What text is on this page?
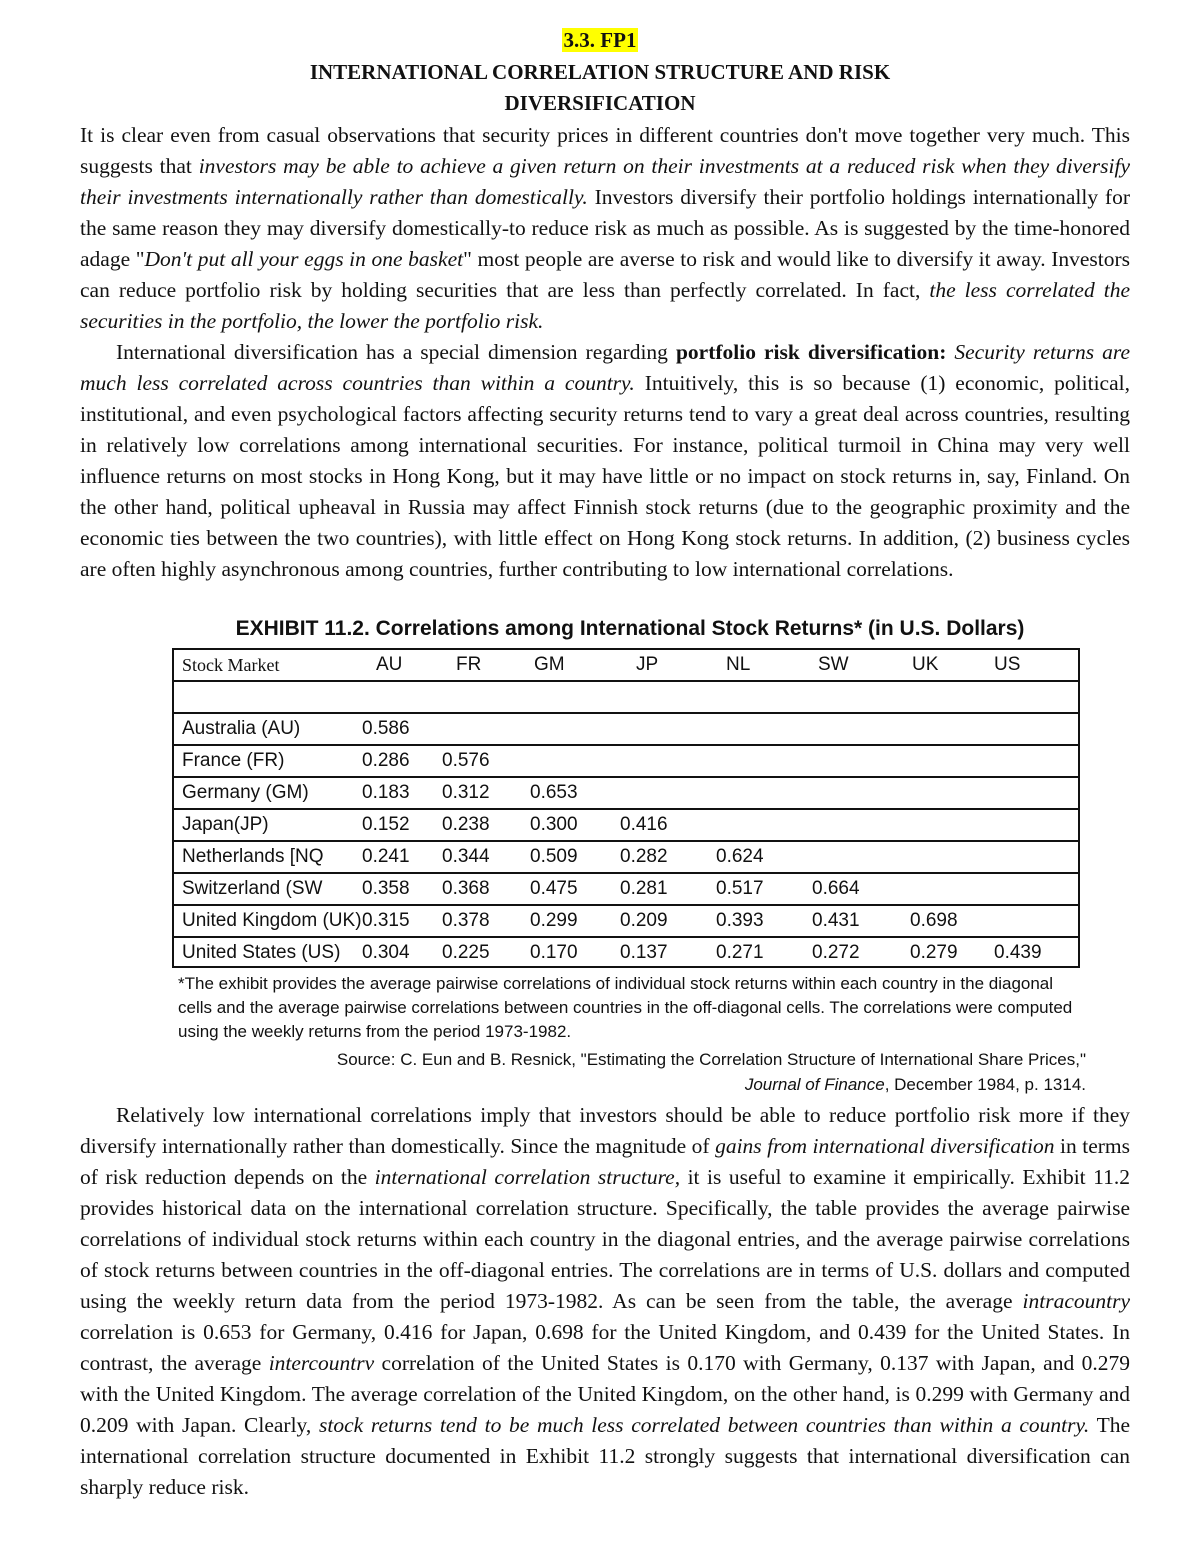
3.3. FP1
INTERNATIONAL CORRELATION STRUCTURE AND RISK
DIVERSIFICATION
It is clear even from casual observations that security prices in different countries don't move together very much. This suggests that investors may be able to achieve a given return on their investments at a reduced risk when they diversify their investments internationally rather than domestically. Investors diversify their portfolio holdings internationally for the same reason they may diversify domestically-to reduce risk as much as possible. As is suggested by the time-honored adage "Don't put all your eggs in one basket" most people are averse to risk and would like to diversify it away. Investors can reduce portfolio risk by holding securities that are less than perfectly correlated. In fact, the less correlated the securities in the portfolio, the lower the portfolio risk.
International diversification has a special dimension regarding portfolio risk diversification: Security returns are much less correlated across countries than within a country. Intuitively, this is so because (1) economic, political, institutional, and even psychological factors affecting security returns tend to vary a great deal across countries, resulting in relatively low correlations among international securities. For instance, political turmoil in China may very well influence returns on most stocks in Hong Kong, but it may have little or no impact on stock returns in, say, Finland. On the other hand, political upheaval in Russia may affect Finnish stock returns (due to the geographic proximity and the economic ties between the two countries), with little effect on Hong Kong stock returns. In addition, (2) business cycles are often highly asynchronous among countries, further contributing to low international correlations.
EXHIBIT 11.2. Correlations among International Stock Returns* (in U.S. Dollars)
Stock Market	AU	FR	GM	JP	NL	SW	UK	US
Australia (AU)	0.586
France (FR)	0.286 0.576
Germany (GM)	0.183 0.312 0.653
Japan(JP)	0.152 0.238 0.300 0.416
Netherlands [NQ 0.241 0.344 0.509 0.282	0.624
Switzerland (SW 0.358 0.368 0.475 0.281	0.517	0.664
United Kingdom (UK) 0.315 0.378 0.299 0.209	0.393	0.431	0.698
United States (US) 0.304 0.225 0.170 0.137	0.271	0.272	0.279 0.439
*The exhibit provides the average pairwise correlations of individual stock returns within each country in the diagonal cells and the average pairwise correlations between countries in the off-diagonal cells. The correlations were computed using the weekly returns from the period 1973-1982.
Source: C. Eun and B. Resnick, "Estimating the Correlation Structure of International Share Prices,"
Journal of Finance, December 1984, p. 1314.
Relatively low international correlations imply that investors should be able to reduce portfolio risk more if they diversify internationally rather than domestically. Since the magnitude of gains from international diversification in terms of risk reduction depends on the international correlation structure, it is useful to examine it empirically. Exhibit 11.2 provides historical data on the international correlation structure. Specifically, the table provides the average pairwise correlations of individual stock returns within each country in the diagonal entries, and the average pairwise correlations of stock returns between countries in the off-diagonal entries. The correlations are in terms of U.S. dollars and computed using the weekly return data from the period 1973-1982. As can be seen from the table, the average intracountry correlation is 0.653 for Germany, 0.416 for Japan, 0.698 for the United Kingdom, and 0.439 for the United States. In contrast, the average intercountrv correlation of the United States is 0.170 with Germany, 0.137 with Japan, and 0.279 with the United Kingdom. The average correlation of the United Kingdom, on the other hand, is 0.299 with Germany and 0.209 with Japan. Clearly, stock returns tend to be much less correlated between countries than within a country. The international correlation structure documented in Exhibit 11.2 strongly suggests that international diversification can sharply reduce risk.
